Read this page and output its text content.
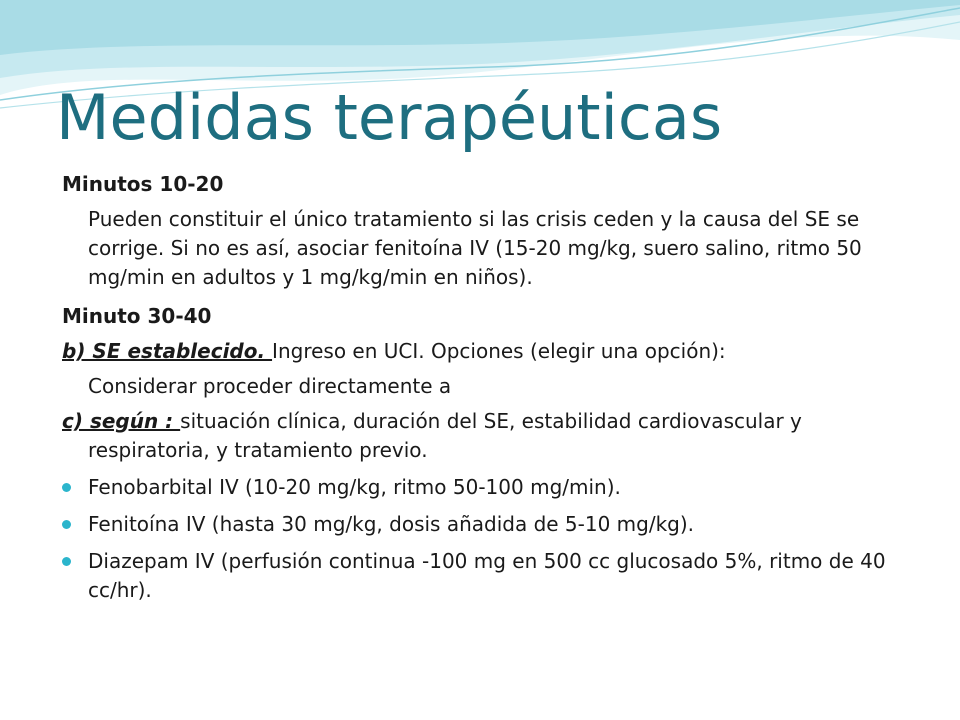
Medidas terapéuticas
Minutos 10-20
Pueden constituir el único tratamiento si las crisis ceden y la causa del SE se corrige. Si no es así, asociar fenitoína IV (15-20 mg/kg, suero salino, ritmo 50 mg/min en adultos y 1 mg/kg/min en niños).
Minuto 30-40
b) SE establecido. Ingreso en UCI. Opciones (elegir una opción):
Considerar proceder directamente a
c) según : situación clínica, duración del SE, estabilidad cardiovascular y respiratoria, y tratamiento previo.
Fenobarbital IV (10-20 mg/kg, ritmo 50-100 mg/min).
Fenitoína IV (hasta 30 mg/kg, dosis añadida de 5-10 mg/kg).
Diazepam IV (perfusión continua -100 mg en 500 cc glucosado 5%, ritmo de 40 cc/hr).
